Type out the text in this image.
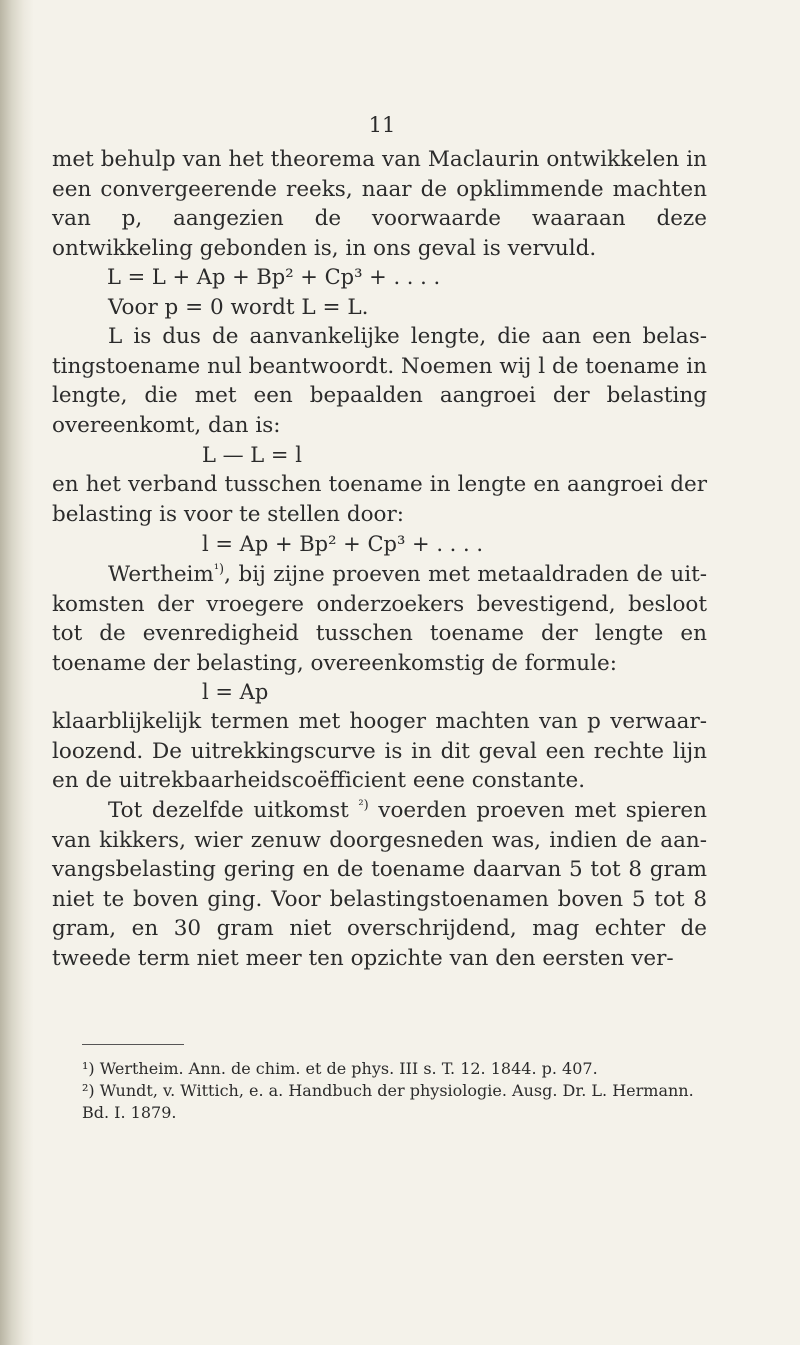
11

met behulp van het theorema van Maclaurin ontwikkelen in een convergeerende reeks, naar de opklimmende machten van p, aangezien de voorwaarde waaraan deze ontwikkeling gebonden is, in ons geval is vervuld.

L = L + Ap + Bp² + Cp³ + . . . .

Voor p = 0 wordt L = L.

L is dus de aanvankelijke lengte, die aan een belastingstoename nul beantwoordt. Noemen wij l de toename in lengte, die met een bepaalden aangroei der belasting overeenkomt, dan is:

L — L = l

en het verband tusschen toename in lengte en aangroei der belasting is voor te stellen door:

l = Ap + Bp² + Cp³ + . . . .

Wertheim$^{^1)}$, bij zijne proeven met metaaldraden de uitkomsten der vroegere onderzoekers bevestigend, besloot tot de evenredigheid tusschen toename der lengte en toename der belasting, overeenkomstig de formule:

l = Ap

klaarblijkelijk termen met hooger machten van p verwaarloozend. De uitrekkingscurve is in dit geval een rechte lijn en de uitrekbaarheidscoëfficient eene constante.

Tot dezelfde uitkomst $^{^2)}$ voerden proeven met spieren van kikkers, wier zenuw doorgesneden was, indien de aanvangsbelasting gering en de toename daarvan 5 tot 8 gram niet te boven ging. Voor belastingstoenamen boven 5 tot 8 gram, en 30 gram niet overschrijdend, mag echter de tweede term niet meer ten opzichte van den eersten ver-

¹) Wertheim. Ann. de chim. et de phys. III s. T. 12. 1844. p. 407.
²) Wundt, v. Wittich, e. a. Handbuch der physiologie. Ausg. Dr. L. Hermann. Bd. I. 1879.
